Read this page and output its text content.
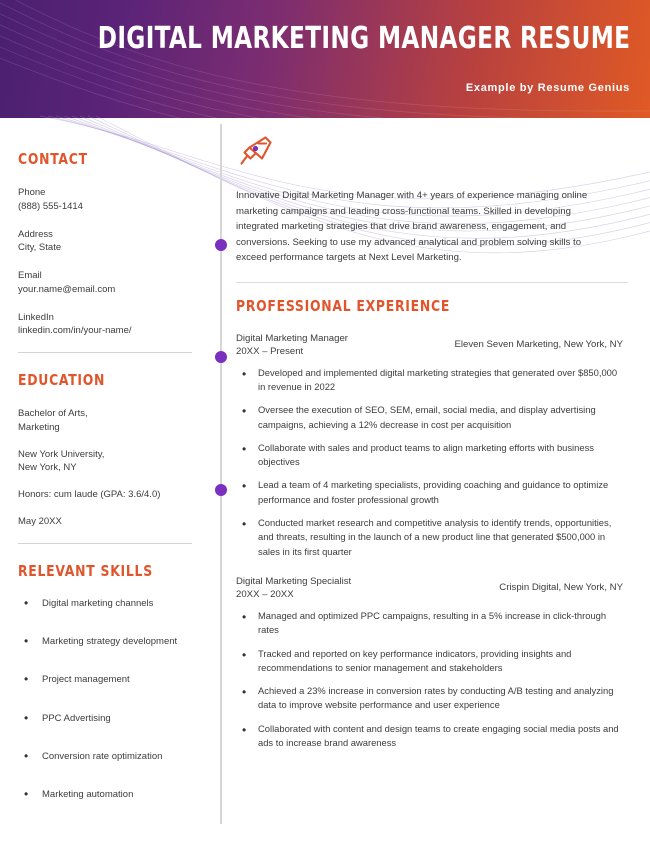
DIGITAL MARKETING MANAGER RESUME
Example by Resume Genius
CONTACT
Phone
(888) 555-1414
Address
City, State
Email
your.name@email.com
LinkedIn
linkedin.com/in/your-name/
EDUCATION
Bachelor of Arts,
Marketing
New York University,
New York, NY
Honors: cum laude (GPA: 3.6/4.0)
May 20XX
RELEVANT SKILLS
• Digital marketing channels
• Marketing strategy development
• Project management
• PPC Advertising
• Conversion rate optimization
• Marketing automation
Innovative Digital Marketing Manager with 4+ years of experience managing online marketing campaigns and leading cross-functional teams. Skilled in developing integrated marketing strategies that drive brand awareness, engagement, and conversions. Seeking to use my advanced analytical and problem solving skills to exceed performance targets at Next Level Marketing.
PROFESSIONAL EXPERIENCE
Digital Marketing Manager
20XX – Present
Eleven Seven Marketing, New York, NY
• Developed and implemented digital marketing strategies that generated over $850,000 in revenue in 2022
• Oversee the execution of SEO, SEM, email, social media, and display advertising campaigns, achieving a 12% decrease in cost per acquisition
• Collaborate with sales and product teams to align marketing efforts with business objectives
• Lead a team of 4 marketing specialists, providing coaching and guidance to optimize performance and foster professional growth
• Conducted market research and competitive analysis to identify trends, opportunities, and threats, resulting in the launch of a new product line that generated $500,000 in sales in its first quarter
Digital Marketing Specialist
20XX – 20XX
Crispin Digital, New York, NY
• Managed and optimized PPC campaigns, resulting in a 5% increase in click-through rates
• Tracked and reported on key performance indicators, providing insights and recommendations to senior management and stakeholders
• Achieved a 23% increase in conversion rates by conducting A/B testing and analyzing data to improve website performance and user experience
• Collaborated with content and design teams to create engaging social media posts and ads to increase brand awareness
